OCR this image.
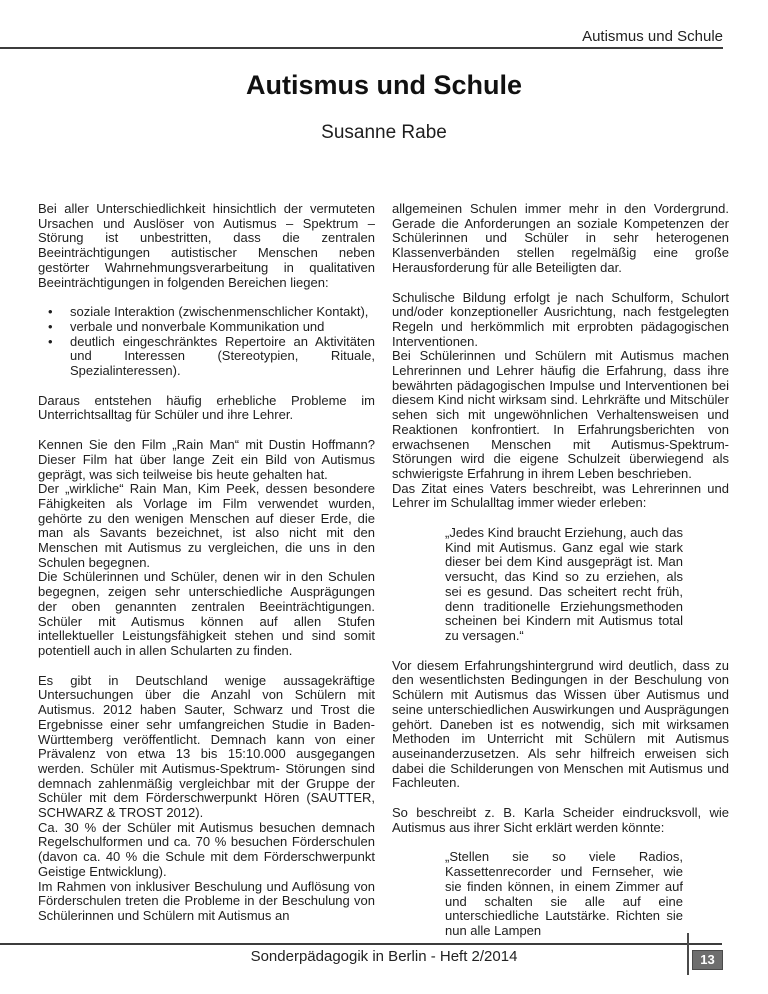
Autismus und Schule
Autismus und Schule
Susanne Rabe

Bei aller Unterschiedlichkeit hinsichtlich der vermuteten Ursachen und Auslöser von Autismus – Spektrum – Störung ist unbestritten, dass die zentralen Beeinträchtigungen autistischer Menschen neben gestörter Wahrnehmungsverarbeitung in qualitativen Beeinträchtigungen in folgenden Bereichen liegen:

• soziale Interaktion (zwischenmenschlicher Kontakt),
• verbale und nonverbale Kommunikation und
• deutlich eingeschränktes Repertoire an Aktivitäten und Interessen (Stereotypien, Rituale, Spezialinteressen).

Daraus entstehen häufig erhebliche Probleme im Unterrichtsalltag für Schüler und ihre Lehrer.

Kennen Sie den Film „Rain Man“ mit Dustin Hoffmann? Dieser Film hat über lange Zeit ein Bild von Autismus geprägt, was sich teilweise bis heute gehalten hat.

Der „wirkliche“ Rain Man, Kim Peek, dessen besondere Fähigkeiten als Vorlage im Film verwendet wurden, gehörte zu den wenigen Menschen auf dieser Erde, die man als Savants bezeichnet, ist also nicht mit den Menschen mit Autismus zu vergleichen, die uns in den Schulen begegnen.

Die Schülerinnen und Schüler, denen wir in den Schulen begegnen, zeigen sehr unterschiedliche Ausprägungen der oben genannten zentralen Beeinträchtigungen. Schüler mit Autismus können auf allen Stufen intellektueller Leistungsfähigkeit stehen und sind somit potentiell auch in allen Schularten zu finden.

Es gibt in Deutschland wenige aussagekräftige Untersuchungen über die Anzahl von Schülern mit Autismus. 2012 haben Sauter, Schwarz und Trost die Ergebnisse einer sehr umfangreichen Studie in Baden-Württemberg veröffentlicht. Demnach kann von einer Prävalenz von etwa 13 bis 15:10.000 ausgegangen werden. Schüler mit Autismus-Spektrum- Störungen sind demnach zahlenmäßig vergleichbar mit der Gruppe der Schüler mit dem Förderschwerpunkt Hören (SAUTTER, SCHWARZ & TROST 2012).

Ca. 30 % der Schüler mit Autismus besuchen demnach Regelschulformen und ca. 70 % besuchen Förderschulen (davon ca. 40 % die Schule mit dem Förderschwerpunkt Geistige Entwicklung).

Im Rahmen von inklusiver Beschulung und Auflösung von Förderschulen treten die Probleme in der Beschulung von Schülerinnen und Schülern mit Autismus an

allgemeinen Schulen immer mehr in den Vordergrund. Gerade die Anforderungen an soziale Kompetenzen der Schülerinnen und Schüler in sehr heterogenen Klassenverbänden stellen regelmäßig eine große Herausforderung für alle Beteiligten dar.

Schulische Bildung erfolgt je nach Schulform, Schulort und/oder konzeptioneller Ausrichtung, nach festgelegten Regeln und herkömmlich mit erprobten pädagogischen Interventionen.

Bei Schülerinnen und Schülern mit Autismus machen Lehrerinnen und Lehrer häufig die Erfahrung, dass ihre bewährten pädagogischen Impulse und Interventionen bei diesem Kind nicht wirksam sind. Lehrkräfte und Mitschüler sehen sich mit ungewöhnlichen Verhaltensweisen und Reaktionen konfrontiert. In Erfahrungsberichten von erwachsenen Menschen mit Autismus-Spektrum-Störungen wird die eigene Schulzeit überwiegend als schwierigste Erfahrung in ihrem Leben beschrieben.

Das Zitat eines Vaters beschreibt, was Lehrerinnen und Lehrer im Schulalltag immer wieder erleben:

„Jedes Kind braucht Erziehung, auch das Kind mit Autismus. Ganz egal wie stark dieser bei dem Kind ausgeprägt ist. Man versucht, das Kind so zu erziehen, als sei es gesund. Das scheitert recht früh, denn traditionelle Erziehungsmethoden scheinen bei Kindern mit Autismus total zu versagen.“

Vor diesem Erfahrungshintergrund wird deutlich, dass zu den wesentlichsten Bedingungen in der Beschulung von Schülern mit Autismus das Wissen über Autismus und seine unterschiedlichen Auswirkungen und Ausprägungen gehört. Daneben ist es notwendig, sich mit wirksamen Methoden im Unterricht mit Schülern mit Autismus auseinanderzusetzen. Als sehr hilfreich erweisen sich dabei die Schilderungen von Menschen mit Autismus und Fachleuten.

So beschreibt z. B. Karla Scheider eindrucksvoll, wie Autismus aus ihrer Sicht erklärt werden könnte:

„Stellen sie so viele Radios, Kassettenrecorder und Fernseher, wie sie finden können, in einem Zimmer auf und schalten sie alle auf eine unterschiedliche Lautstärke. Richten sie nun alle Lampen
Sonderpädagogik in Berlin - Heft 2/2014	13
